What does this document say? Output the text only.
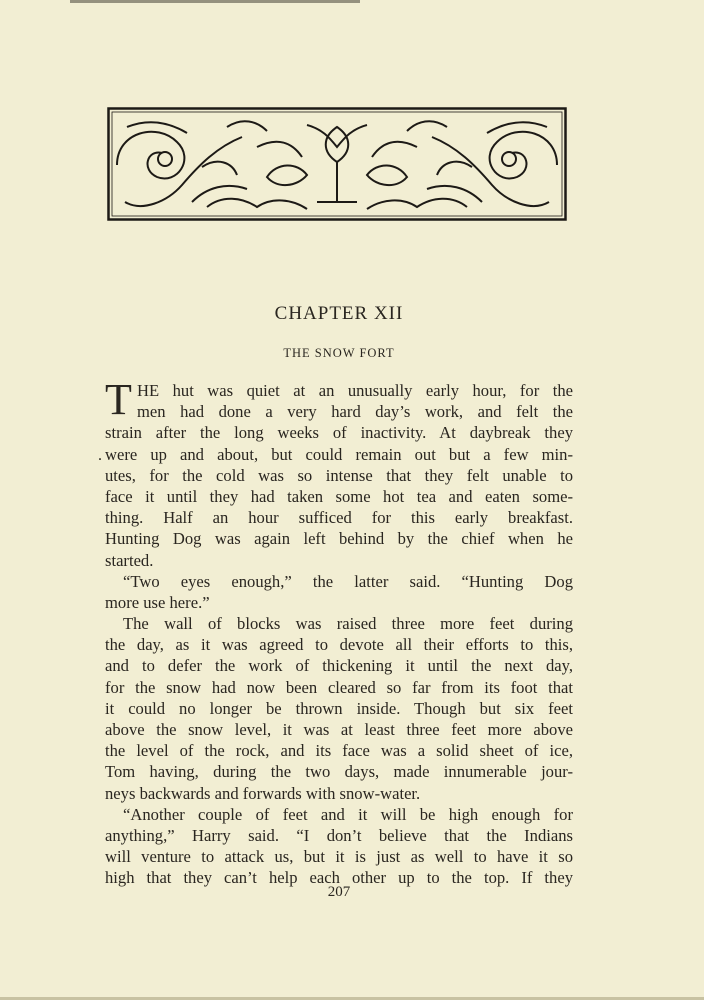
CHAPTER XII
THE SNOW FORT
.
T HE hut was quiet at an unusually early hour, for the
men had done a very hard day’s work, and felt the
strain after the long weeks of inactivity. At daybreak they
were up and about, but could remain out but a few min-
utes, for the cold was so intense that they felt unable to
face it until they had taken some hot tea and eaten some-
thing. Half an hour sufficed for this early breakfast.
Hunting Dog was again left behind by the chief when he
started.
“Two eyes enough,” the latter said. “Hunting Dog
more use here.”
The wall of blocks was raised three more feet during
the day, as it was agreed to devote all their efforts to this,
and to defer the work of thickening it until the next day,
for the snow had now been cleared so far from its foot that
it could no longer be thrown inside. Though but six feet
above the snow level, it was at least three feet more above
the level of the rock, and its face was a solid sheet of ice,
Tom having, during the two days, made innumerable jour-
neys backwards and forwards with snow-water.
“Another couple of feet and it will be high enough for
anything,” Harry said. “I don’t believe that the Indians
will venture to attack us, but it is just as well to have it so
high that they can’t help each other up to the top. If they
207
